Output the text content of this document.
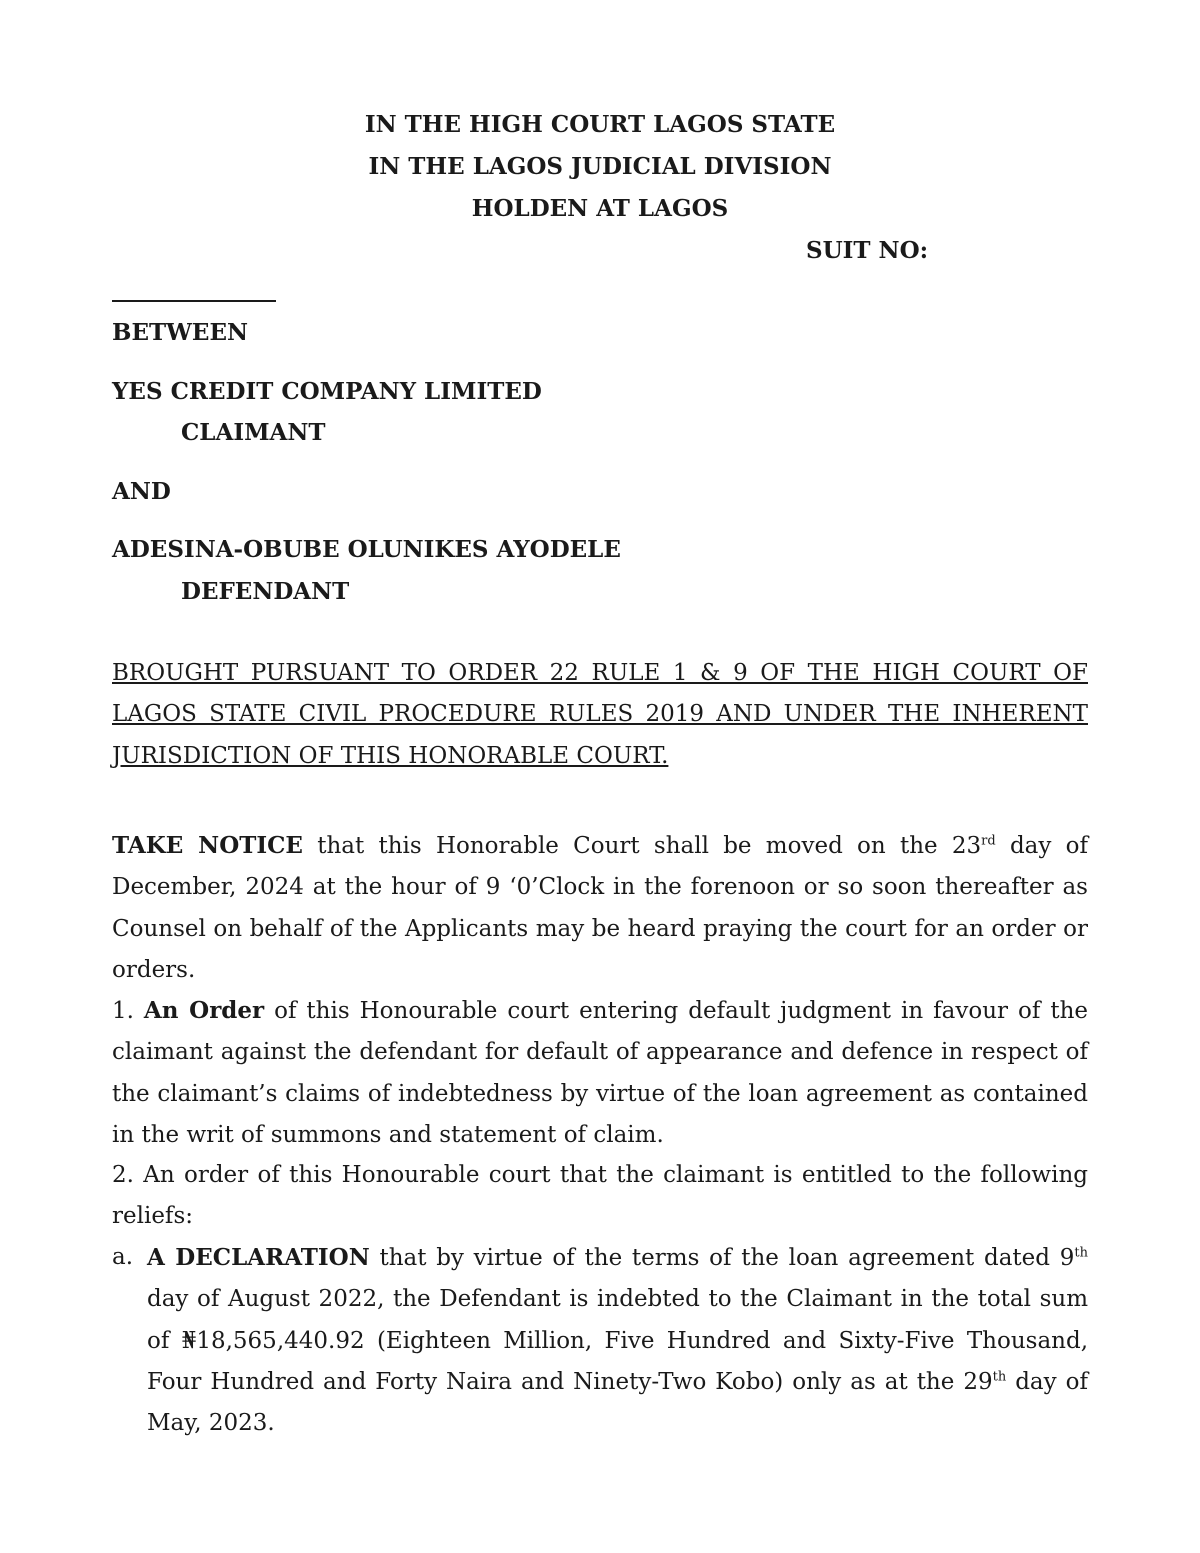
IN THE HIGH COURT LAGOS STATE
IN THE LAGOS JUDICIAL DIVISION
HOLDEN AT LAGOS
SUIT NO:
BETWEEN
YES CREDIT COMPANY LIMITED
CLAIMANT
AND
ADESINA-OBUBE OLUNIKES AYODELE
DEFENDANT
BROUGHT PURSUANT TO ORDER 22 RULE 1 & 9 OF THE HIGH COURT OF LAGOS STATE CIVIL PROCEDURE RULES 2019 AND UNDER THE INHERENT JURISDICTION OF THIS HONORABLE COURT.
TAKE NOTICE that this Honorable Court shall be moved on the 23rd day of December, 2024 at the hour of 9 ‘0’Clock in the forenoon or so soon thereafter as Counsel on behalf of the Applicants may be heard praying the court for an order or orders.
1. An Order of this Honourable court entering default judgment in favour of the claimant against the defendant for default of appearance and defence in respect of the claimant’s claims of indebtedness by virtue of the loan agreement as contained in the writ of summons and statement of claim.
2. An order of this Honourable court that the claimant is entitled to the following reliefs:
a. A DECLARATION that by virtue of the terms of the loan agreement dated 9th day of August 2022, the Defendant is indebted to the Claimant in the total sum of ₦18,565,440.92 (Eighteen Million, Five Hundred and Sixty-Five Thousand, Four Hundred and Forty Naira and Ninety-Two Kobo) only as at the 29th day of May, 2023.
